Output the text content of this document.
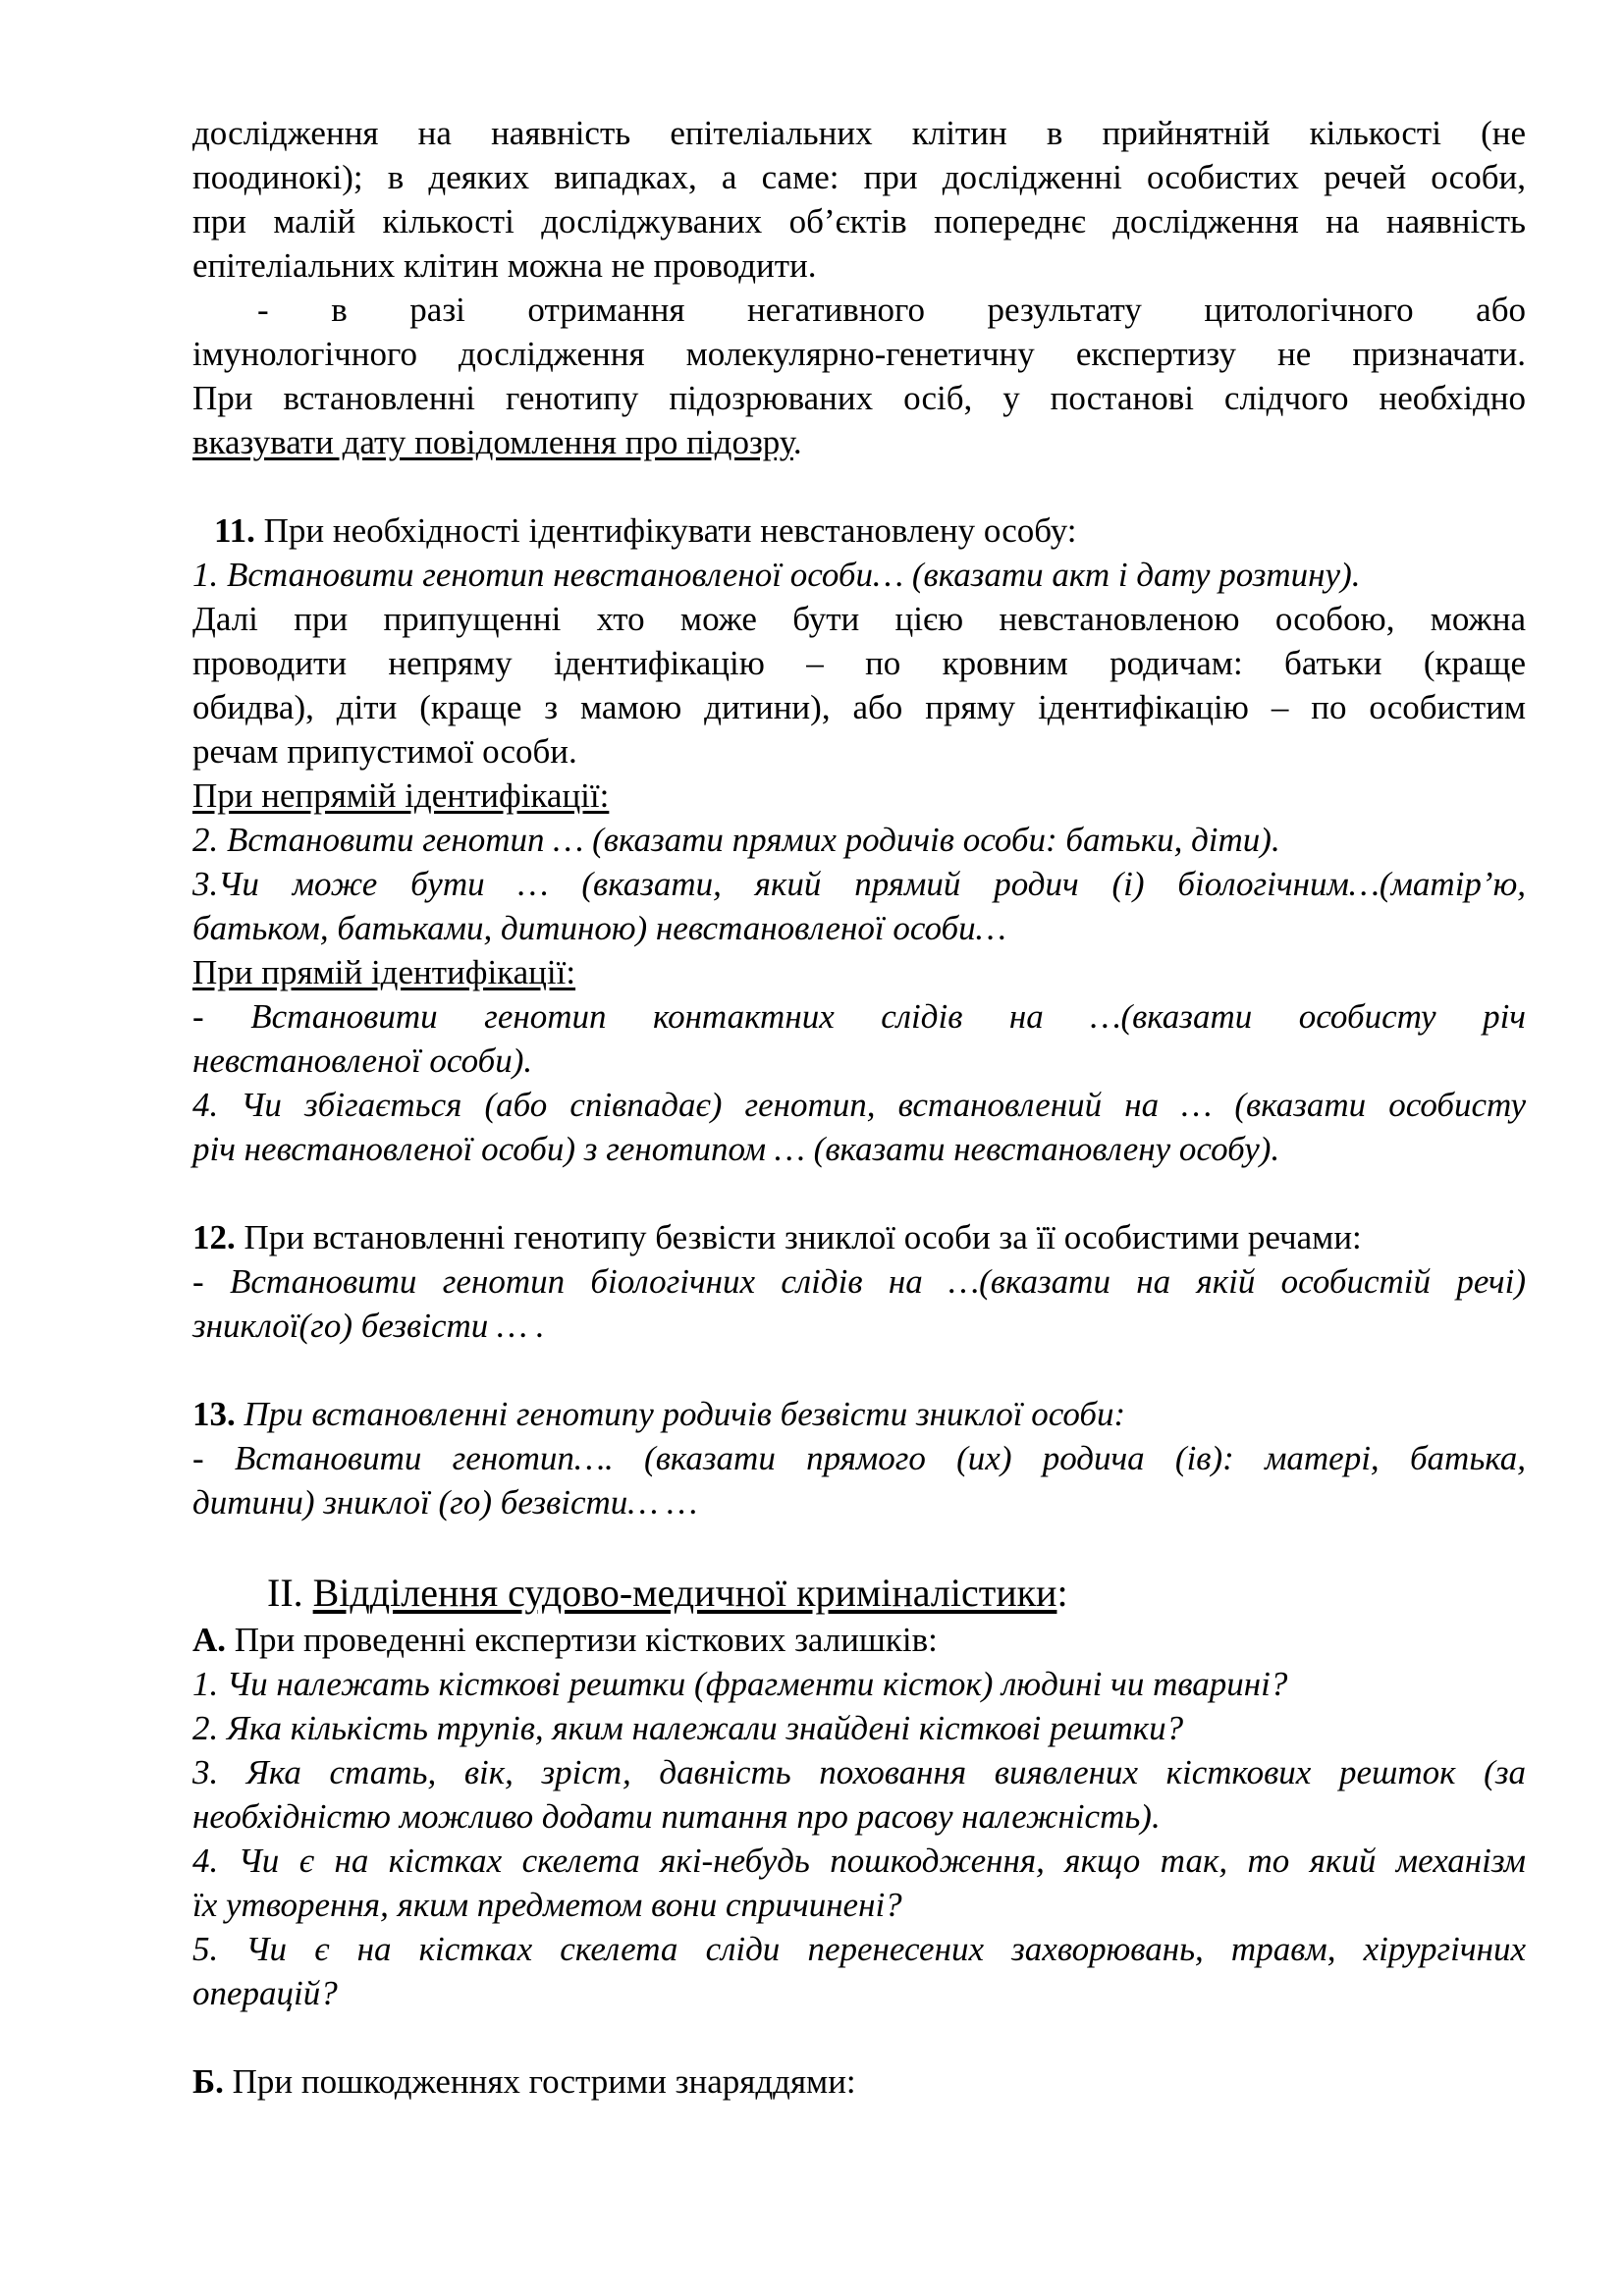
дослідження на наявність епітеліальних клітин в прийнятній кількості (не

поодинокі); в деяких випадках, а саме: при дослідженні особистих речей особи,

при малій кількості досліджуваних об’єктів попереднє дослідження на наявність

епітеліальних клітин можна не проводити.

- в разі отримання негативного результату цитологічного або

імунологічного дослідження молекулярно-генетичну експертизу не призначати.

При встановленні генотипу підозрюваних осіб, у постанові слідчого необхідно

вказувати дату повідомлення про підозру.

11. При необхідності ідентифікувати невстановлену особу:

1. Встановити генотип невстановленої особи… (вказати акт і дату розтину).

Далі при припущенні хто може бути цією невстановленою особою, можна

проводити непряму ідентифікацію – по кровним родичам: батьки (краще

обидва), діти (краще з мамою дитини), або пряму ідентифікацію – по особистим

речам припустимої особи.

При непрямій ідентифікації:

2. Встановити генотип … (вказати прямих родичів особи: батьки, діти).

3.Чи може бути … (вказати, який прямий родич (і) біологічним…(матір’ю,

батьком, батьками, дитиною) невстановленої особи…

При прямій ідентифікації:

- Встановити генотип контактних слідів на …(вказати особисту річ

невстановленої особи).

4. Чи збігається (або співпадає) генотип, встановлений на … (вказати особисту

річ невстановленої особи) з генотипом … (вказати невстановлену особу).

12. При встановленні генотипу безвісти зниклої особи за її особистими речами:

- Встановити генотип біологічних слідів на …(вказати на якій особистій речі)

зниклої(го) безвісти … .

13. При встановленні генотипу родичів безвісти зниклої особи:

- Встановити генотип…. (вказати прямого (их) родича (ів): матері, батька,

дитини) зниклої (го) безвісти… …

ІІ. Відділення судово-медичної криміналістики:

А. При проведенні експертизи кісткових залишків:

1. Чи належать кісткові рештки (фрагменти кісток) людині чи тварині?

2. Яка кількість трупів, яким належали знайдені кісткові рештки?

3. Яка стать, вік, зріст, давність поховання виявлених кісткових решток (за

необхідністю можливо додати питання про расову належність).

4. Чи є на кістках скелета які-небудь пошкодження, якщо так, то який механізм

їх утворення, яким предметом вони спричинені?

5. Чи є на кістках скелета сліди перенесених захворювань, травм, хірургічних

операцій?

Б. При пошкодженнях гострими знаряддями:
